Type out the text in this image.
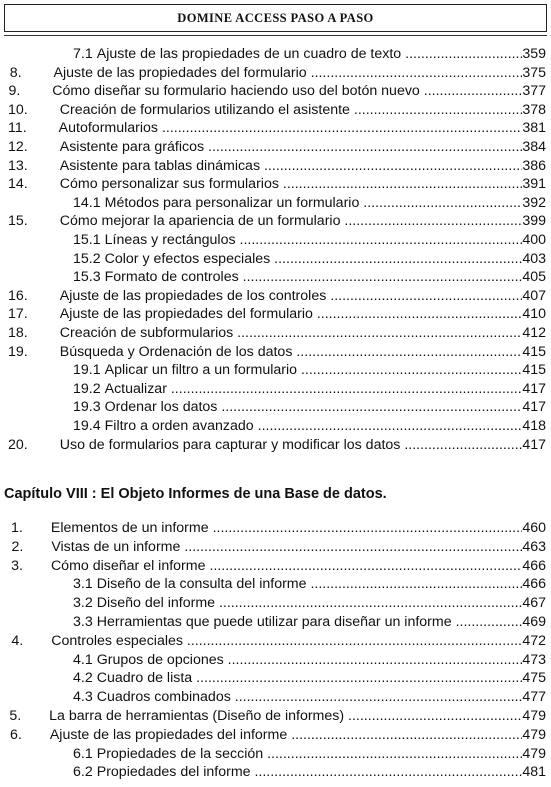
DOMINE ACCESS PASO A PASO
7.1 Ajuste de las propiedades de un cuadro de texto .....	359
8.	Ajuste de las propiedades del formulario .....	375
9.	Cómo diseñar su formulario haciendo uso del botón nuevo .....	377
10.	Creación de formularios utilizando el asistente .....	378
11.	Autoformularios .....	381
12.	Asistente para gráficos .....	384
13.	Asistente para tablas dinámicas .....	386
14.	Cómo personalizar sus formularios .....	391
14.1 Métodos para personalizar un formulario .....	392
15.	Cómo mejorar la apariencia de un formulario .....	399
15.1 Líneas y rectángulos .....	400
15.2 Color y efectos especiales .....	403
15.3 Formato de controles .....	405
16.	Ajuste de las propiedades de los controles .....	407
17.	Ajuste de las propiedades del formulario .....	410
18.	Creación de subformularios .....	412
19.	Búsqueda y Ordenación de los datos .....	415
19.1 Aplicar un filtro a un formulario .....	415
19.2 Actualizar .....	417
19.3 Ordenar los datos .....	417
19.4 Filtro a orden avanzado .....	418
20.	Uso de formularios para capturar y modificar los datos .....	417
Capítulo VIII : El Objeto Informes de una Base de datos.
1.	Elementos de un informe .....	460
2.	Vistas de un informe .....	463
3.	Cómo diseñar el informe .....	466
3.1 Diseño de la consulta del informe .....	466
3.2 Diseño del informe .....	467
3.3 Herramientas que puede utilizar para diseñar un informe .....	469
4.	Controles especiales .....	472
4.1 Grupos de opciones .....	473
4.2 Cuadro de lista .....	475
4.3 Cuadros combinados .....	477
5.	La barra de herramientas (Diseño de informes) .....	479
6.	Ajuste de las propiedades del informe .....	479
6.1 Propiedades de la sección .....	479
6.2 Propiedades del informe .....	481
